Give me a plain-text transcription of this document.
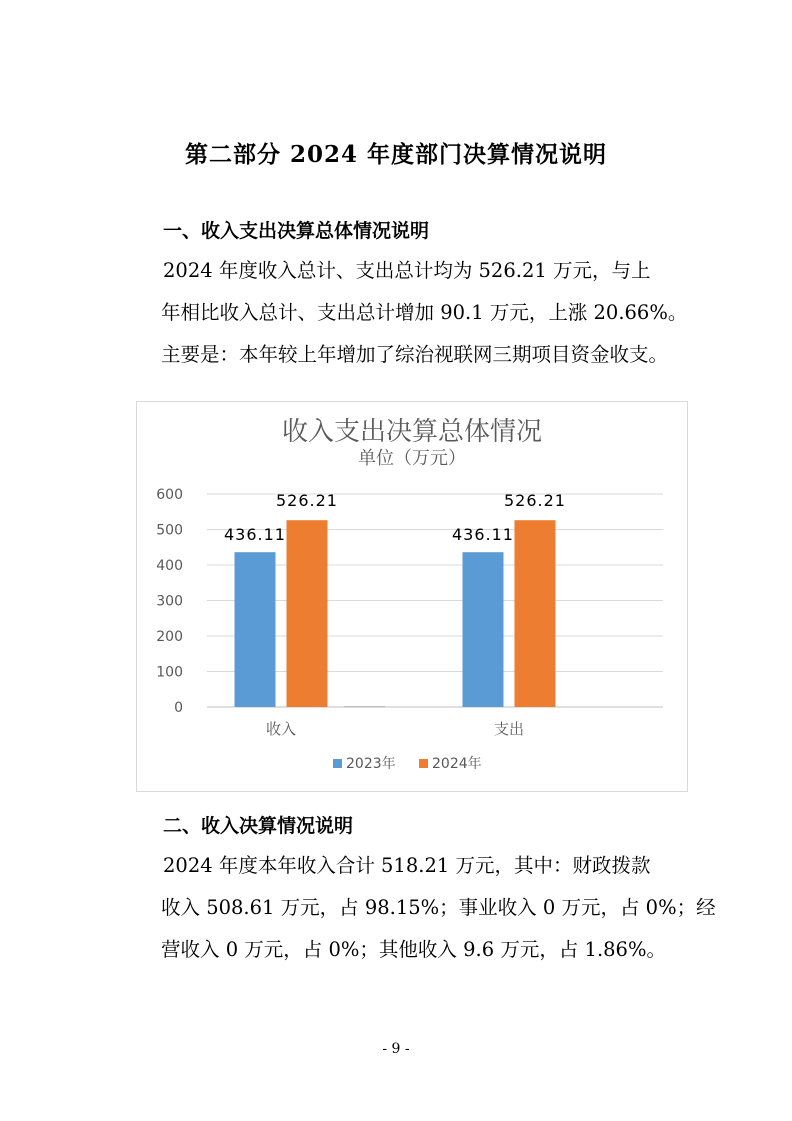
第二部分 2024 年度部门决算情况说明
一、收入支出决算总体情况说明
2024 年度收入总计、支出总计均为 526.21 万元，与上
年相比收入总计、支出总计增加 90.1 万元，上涨 20.66%。
主要是：本年较上年增加了综治视联网三期项目资金收支。
收入支出决算总体情况
单位（万元）
0
100
200
300
400
500
600
436.11
526.21
436.11
526.21
收入	支出
2023年	2024年
二、收入决算情况说明
2024 年度本年收入合计 518.21 万元，其中：财政拨款
收入 508.61 万元，占 98.15%；事业收入 0 万元，占 0%；经
营收入 0 万元，占 0%；其他收入 9.6 万元，占 1.86%。
- 9 -
